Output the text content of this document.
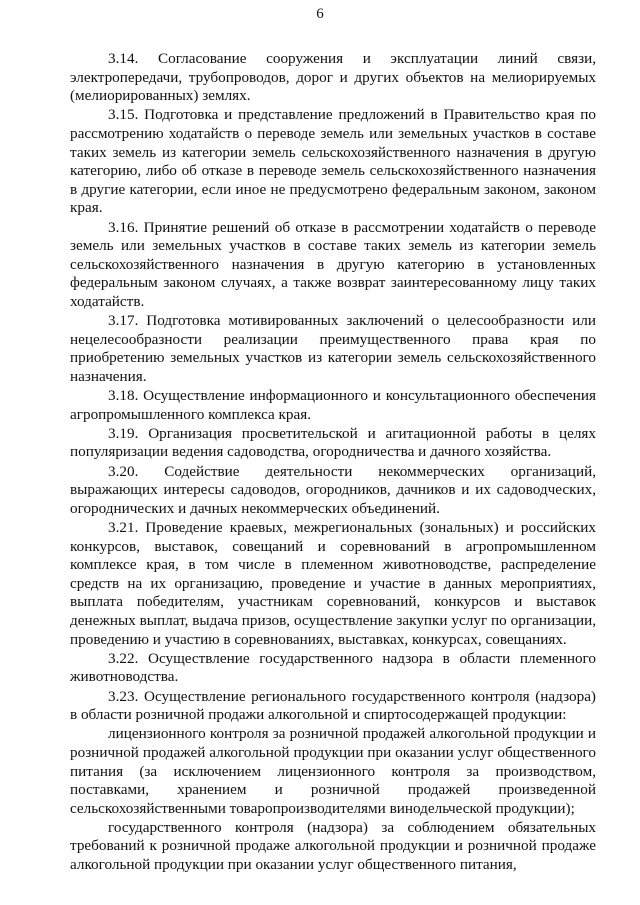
6

3.14. Согласование сооружения и эксплуатации линий связи, электропередачи, трубопроводов, дорог и других объектов на мелиорируемых (мелиорированных) землях.

3.15. Подготовка и представление предложений в Правительство края по рассмотрению ходатайств о переводе земель или земельных участков в составе таких земель из категории земель сельскохозяйственного назначения в другую категорию, либо об отказе в переводе земель сельскохозяйственного назначения в другие категории, если иное не предусмотрено федеральным законом, законом края.

3.16. Принятие решений об отказе в рассмотрении ходатайств о переводе земель или земельных участков в составе таких земель из категории земель сельскохозяйственного назначения в другую категорию в установленных федеральным законом случаях, а также возврат заинтересованному лицу таких ходатайств.

3.17. Подготовка мотивированных заключений о целесообразности или нецелесообразности реализации преимущественного права края по приобретению земельных участков из категории земель сельскохозяйственного назначения.

3.18. Осуществление информационного и консультационного обеспечения агропромышленного комплекса края.

3.19. Организация просветительской и агитационной работы в целях популяризации ведения садоводства, огородничества и дачного хозяйства.

3.20. Содействие деятельности некоммерческих организаций, выражающих интересы садоводов, огородников, дачников и их садоводческих, огороднических и дачных некоммерческих объединений.

3.21. Проведение краевых, межрегиональных (зональных) и российских конкурсов, выставок, совещаний и соревнований в агропромышленном комплексе края, в том числе в племенном животноводстве, распределение средств на их организацию, проведение и участие в данных мероприятиях, выплата победителям, участникам соревнований, конкурсов и выставок денежных выплат, выдача призов, осуществление закупки услуг по организации, проведению и участию в соревнованиях, выставках, конкурсах, совещаниях.

3.22. Осуществление государственного надзора в области племенного животноводства.

3.23. Осуществление регионального государственного контроля (надзора) в области розничной продажи алкогольной и спиртосодержащей продукции:

лицензионного контроля за розничной продажей алкогольной продукции и розничной продажей алкогольной продукции при оказании услуг общественного питания (за исключением лицензионного контроля за производством, поставками, хранением и розничной продажей произведенной сельскохозяйственными товаропроизводителями винодельческой продукции);

государственного контроля (надзора) за соблюдением обязательных требований к розничной продаже алкогольной продукции и розничной продаже алкогольной продукции при оказании услуг общественного питания,
